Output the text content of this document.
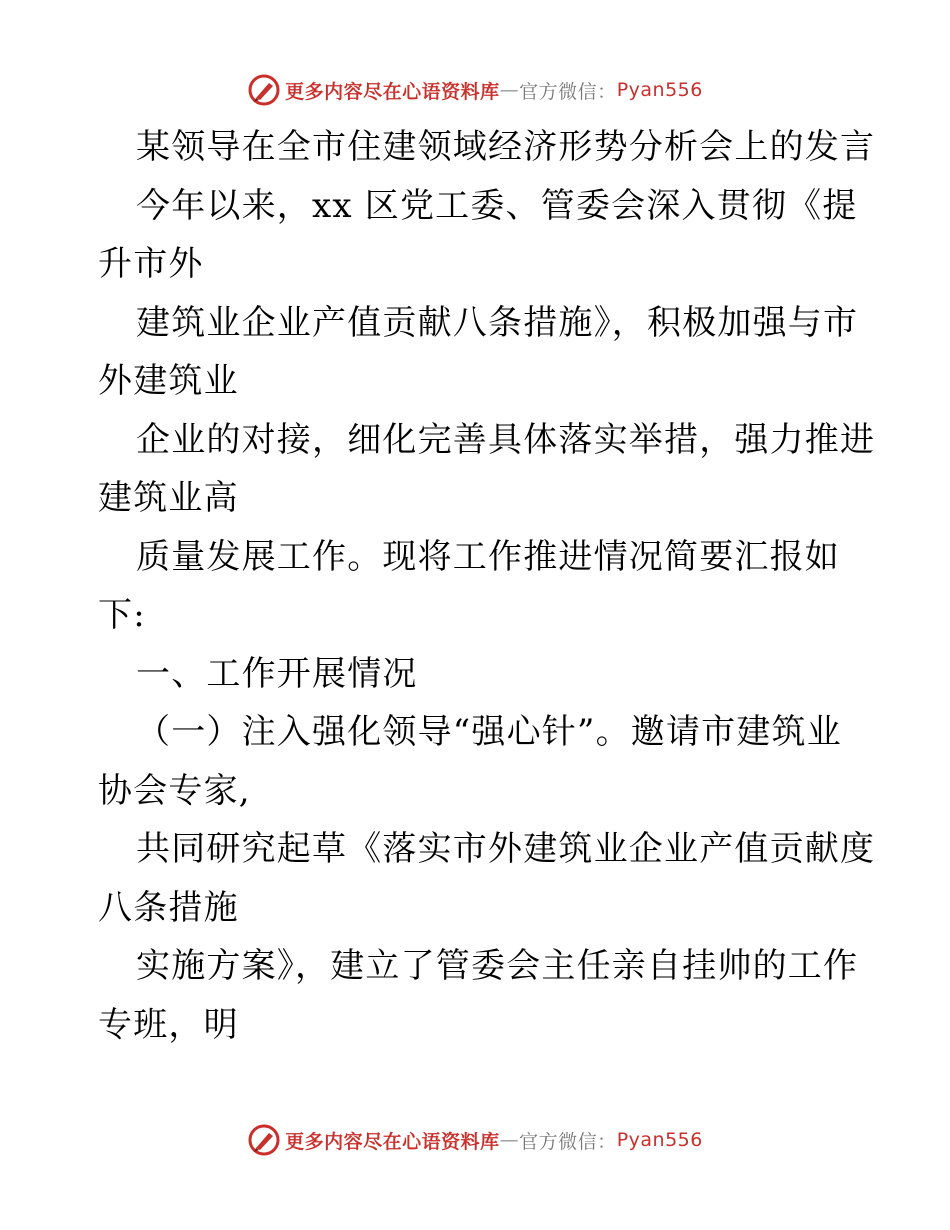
更多内容尽在心语资料库 — 官方微信： Pyan556
某领导在全市住建领域经济形势分析会上的发言
今年以来，xx 区党工委、管委会深入贯彻《提
升市外
建筑业企业产值贡献八条措施》，积极加强与市
外建筑业
企业的对接，细化完善具体落实举措，强力推进
建筑业高
质量发展工作。现将工作推进情况简要汇报如
下:
一、工作开展情况
（一）注入强化领导“强心针”。邀请市建筑业
协会专家,
共同研究起草《落实市外建筑业企业产值贡献度
八条措施
实施方案》，建立了管委会主任亲自挂帅的工作
专班，明
更多内容尽在心语资料库 — 官方微信： Pyan556
